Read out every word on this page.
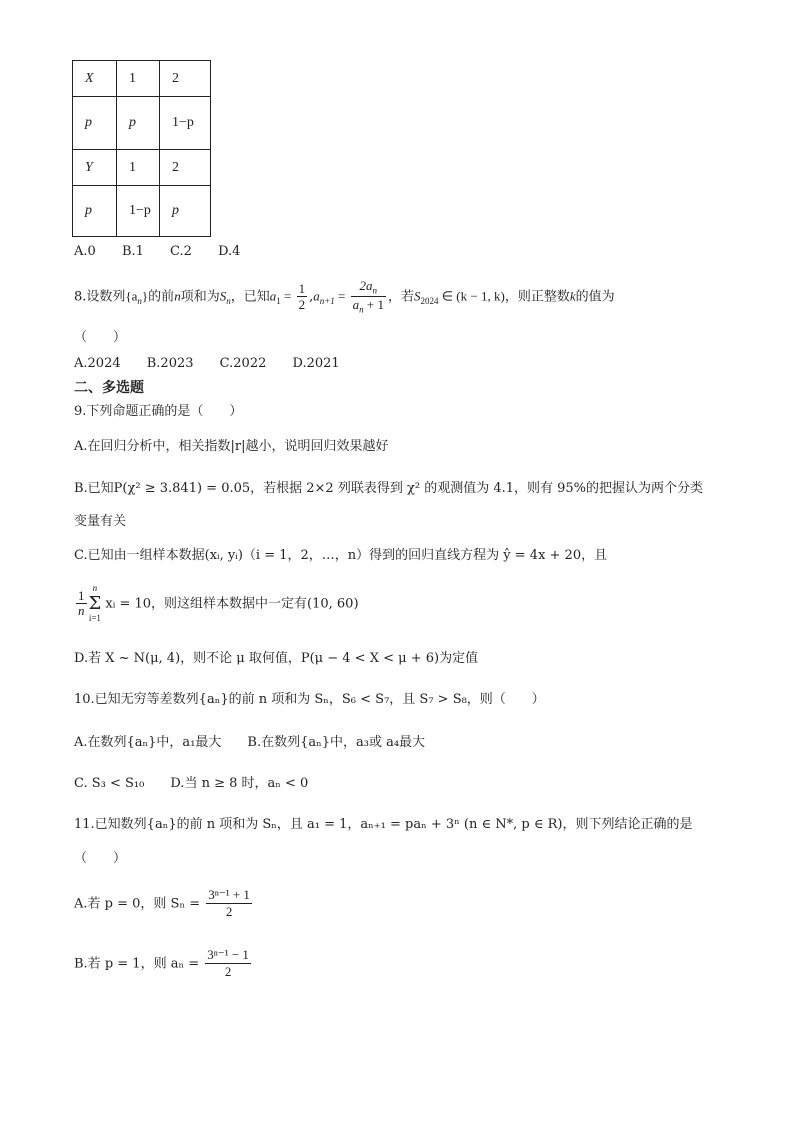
X	1	2
p	p	1−p
Y	1	2
p	1−p	p
A.0 B.1 C.2 D.4
8.设数列$\{a_n\}$的前n项和为$S_n$，已知$a_1 = \frac{1}{2} ,a_{n+1} = \frac{2a_n}{a_n + 1}$ ，若$S_{2024}$ ∈ (k − 1, k)，则正整数k的值为
（　　）
A.2024 B.2023 C.2022 D.2021
二、多选题
9.下列命题正确的是（　　）
A.在回归分析中，相关指数|r|越小，说明回归效果越好
B.已知P(χ² ≥ 3.841) = 0.05，若根据 2×2 列联表得到 χ² 的观测值为 4.1，则有 95%的把握认为两个分类
变量有关
C.已知由一组样本数据(xᵢ, yᵢ)（i = 1，2，…，n）得到的回归直线方程为 ŷ = 4x + 20，且
$\frac{1}{n}$
n
Σ
i=1
xᵢ = 10，则这组样本数据中一定有(10, 60)
D.若 X ~ N(μ, 4)，则不论 μ 取何值，P(μ − 4 < X < μ + 6)为定值
10.已知无穷等差数列{aₙ}的前 n 项和为 Sₙ，S₆ < S₇，且 S₇ > S₈，则（　　）
A.在数列{aₙ}中，a₁最大　　B.在数列{aₙ}中，a₃或 a₄最大
C. S₃ < S₁₀　　D.当 n ≥ 8 时，aₙ < 0
11.已知数列{aₙ}的前 n 项和为 Sₙ，且 a₁ = 1，aₙ₊₁ = paₙ + 3ⁿ (n ∈ N*, p ∈ R)，则下列结论正确的是
（　　）
A.若 p = 0，则 $S_n = \frac{\text{3ⁿ⁻¹ + 1}}{2}$
B.若 p = 1，则 $a_n = \frac{\text{3ⁿ⁻¹ − 1}}{2}$
